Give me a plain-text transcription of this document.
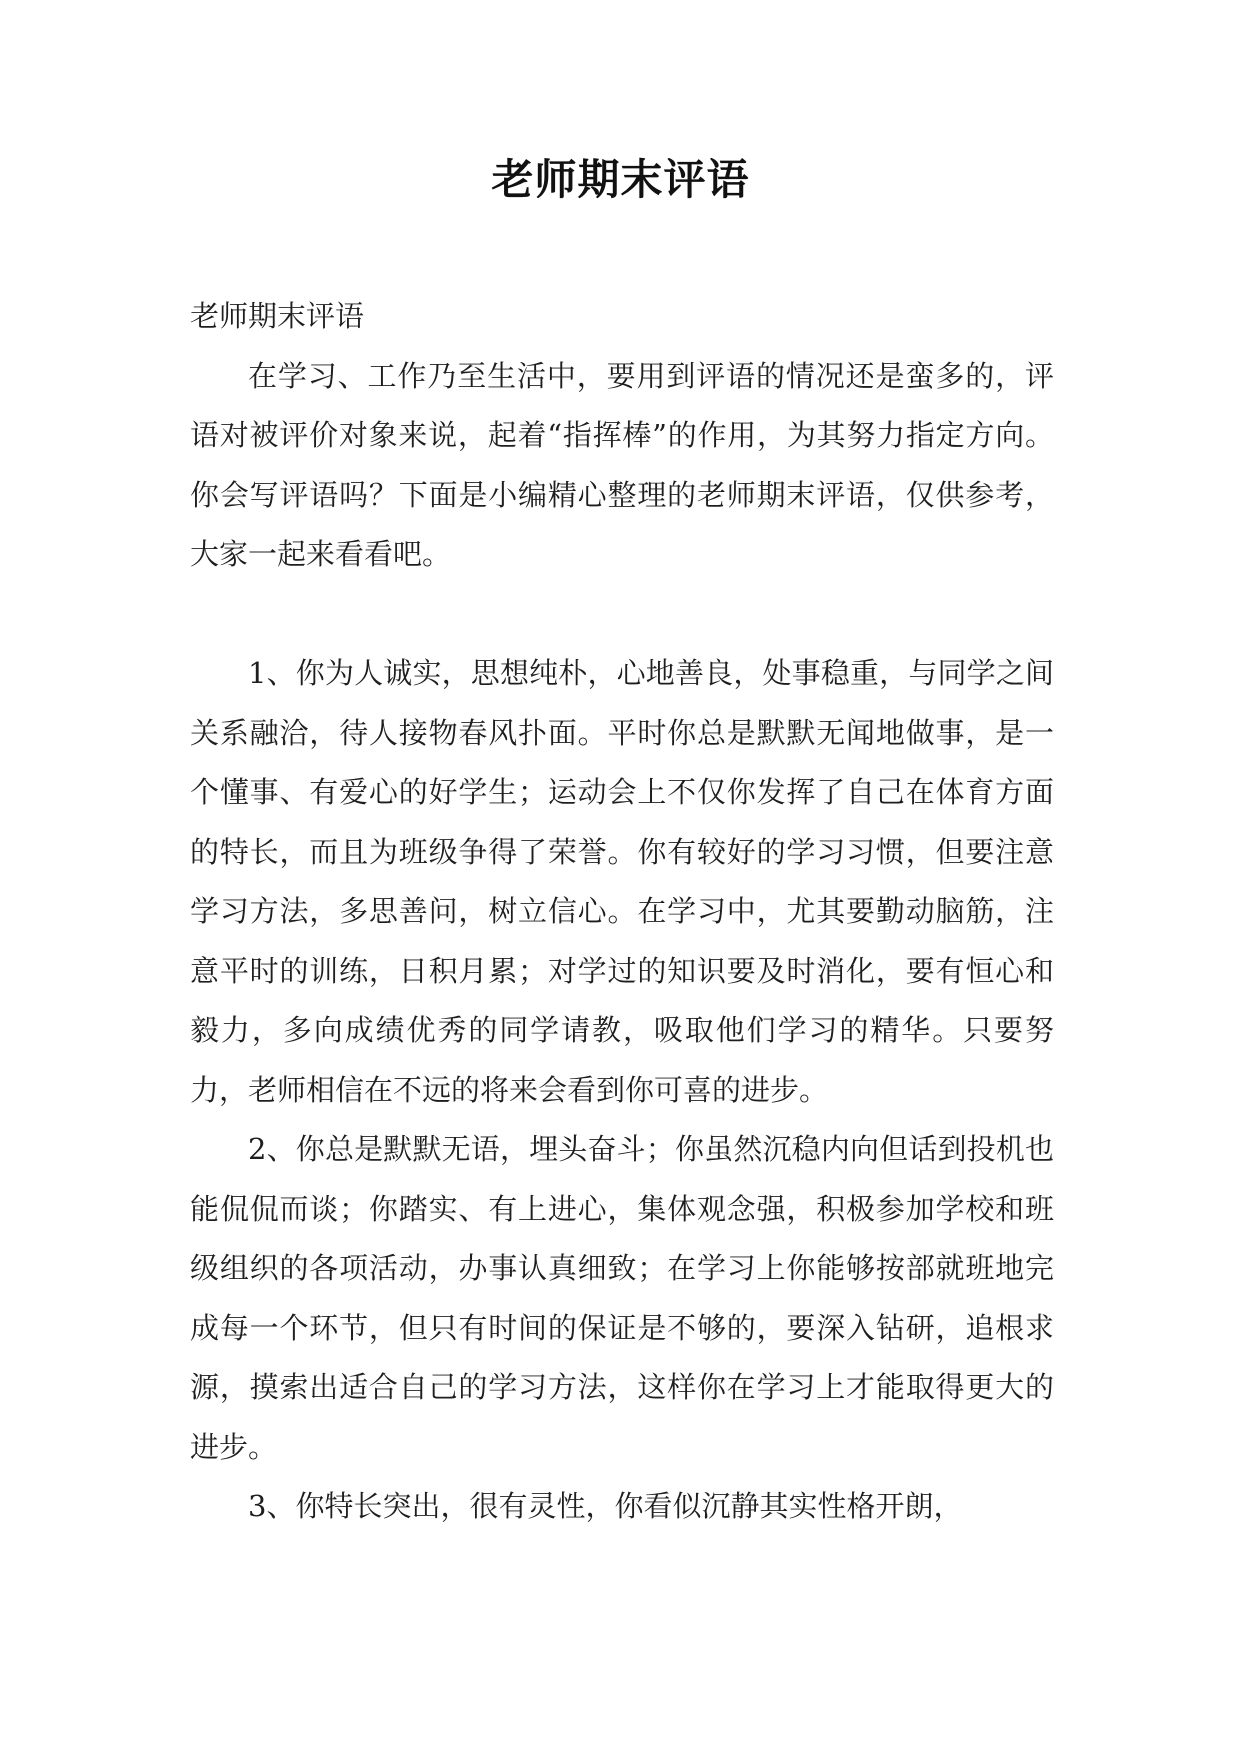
老师期末评语

老师期末评语

在学习、工作乃至生活中，要用到评语的情况还是蛮多的，评语对被评价对象来说，起着“指挥棒”的作用，为其努力指定方向。你会写评语吗？下面是小编精心整理的老师期末评语，仅供参考，大家一起来看看吧。

1、你为人诚实，思想纯朴，心地善良，处事稳重，与同学之间关系融洽，待人接物春风扑面。平时你总是默默无闻地做事，是一个懂事、有爱心的好学生；运动会上不仅你发挥了自己在体育方面的特长，而且为班级争得了荣誉。你有较好的学习习惯，但要注意学习方法，多思善问，树立信心。在学习中，尤其要勤动脑筋，注意平时的训练，日积月累；对学过的知识要及时消化，要有恒心和毅力，多向成绩优秀的同学请教，吸取他们学习的精华。只要努力，老师相信在不远的将来会看到你可喜的进步。

2、你总是默默无语，埋头奋斗；你虽然沉稳内向但话到投机也能侃侃而谈；你踏实、有上进心，集体观念强，积极参加学校和班级组织的各项活动，办事认真细致；在学习上你能够按部就班地完成每一个环节，但只有时间的保证是不够的，要深入钻研，追根求源，摸索出适合自己的学习方法，这样你在学习上才能取得更大的进步。

3、你特长突出，很有灵性，你看似沉静其实性格开朗，
